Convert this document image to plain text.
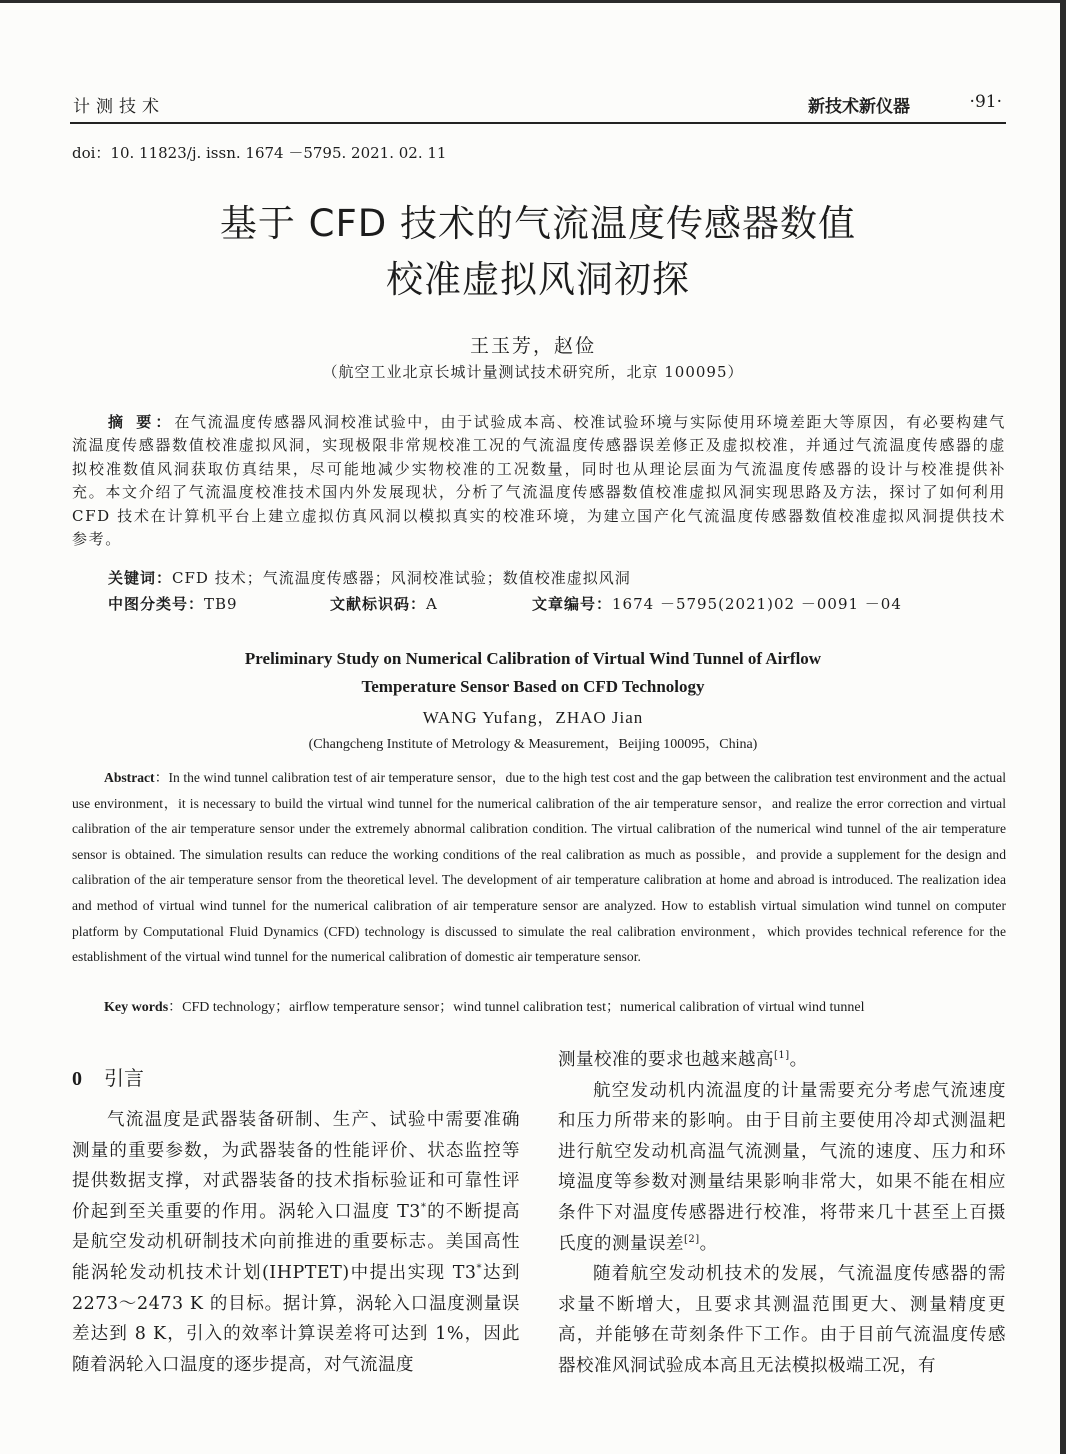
计测技术	新技术新仪器	·91·
doi：10. 11823/j. issn. 1674 －5795. 2021. 02. 11
基于 CFD 技术的气流温度传感器数值
校准虚拟风洞初探
王玉芳，赵俭
（航空工业北京长城计量测试技术研究所，北京 100095）
摘 要：在气流温度传感器风洞校准试验中，由于试验成本高、校准试验环境与实际使用环境差距大等原因，有必要构建气流温度传感器数值校准虚拟风洞，实现极限非常规校准工况的气流温度传感器误差修正及虚拟校准，并通过气流温度传感器的虚拟校准数值风洞获取仿真结果，尽可能地减少实物校准的工况数量，同时也从理论层面为气流温度传感器的设计与校准提供补充。本文介绍了气流温度校准技术国内外发展现状，分析了气流温度传感器数值校准虚拟风洞实现思路及方法，探讨了如何利用 CFD 技术在计算机平台上建立虚拟仿真风洞以模拟真实的校准环境，为建立国产化气流温度传感器数值校准虚拟风洞提供技术参考。
关键词：CFD 技术；气流温度传感器；风洞校准试验；数值校准虚拟风洞
中图分类号：TB9	文献标识码：A	文章编号：1674 －5795(2021)02 －0091 －04
Preliminary Study on Numerical Calibration of Virtual Wind Tunnel of Airflow
Temperature Sensor Based on CFD Technology
WANG Yufang，ZHAO Jian
(Changcheng Institute of Metrology & Measurement，Beijing 100095，China)
Abstract：In the wind tunnel calibration test of air temperature sensor，due to the high test cost and the gap between the calibration test environment and the actual use environment，it is necessary to build the virtual wind tunnel for the numerical calibration of the air temperature sensor，and realize the error correction and virtual calibration of the air temperature sensor under the extremely abnormal calibration condition. The virtual calibration of the numerical wind tunnel of the air temperature sensor is obtained. The simulation results can reduce the working conditions of the real calibration as much as possible，and provide a supplement for the design and calibration of the air temperature sensor from the theoretical level. The development of air temperature calibration at home and abroad is introduced. The realization idea and method of virtual wind tunnel for the numerical calibration of air temperature sensor are analyzed. How to establish virtual simulation wind tunnel on computer platform by Computational Fluid Dynamics (CFD) technology is discussed to simulate the real calibration environment，which provides technical reference for the establishment of the virtual wind tunnel for the numerical calibration of domestic air temperature sensor.
Key words：CFD technology；airflow temperature sensor；wind tunnel calibration test；numerical calibration of virtual wind tunnel
0 引言

气流温度是武器装备研制、生产、试验中需要准确测量的重要参数，为武器装备的性能评价、状态监控等提供数据支撑，对武器装备的技术指标验证和可靠性评价起到至关重要的作用。涡轮入口温度 T3*的不断提高是航空发动机研制技术向前推进的重要标志。美国高性能涡轮发动机技术计划(IHPTET)中提出实现 T3*达到 2273～2473 K 的目标。据计算，涡轮入口温度测量误差达到 8 K，引入的效率计算误差将可达到 1%，因此随着涡轮入口温度的逐步提高，对气流温度

测量校准的要求也越来越高[1]。

航空发动机内流温度的计量需要充分考虑气流速度和压力所带来的影响。由于目前主要使用冷却式测温耙进行航空发动机高温气流测量，气流的速度、压力和环境温度等参数对测量结果影响非常大，如果不能在相应条件下对温度传感器进行校准，将带来几十甚至上百摄氏度的测量误差[2]。

随着航空发动机技术的发展，气流温度传感器的需求量不断增大，且要求其测温范围更大、测量精度更高，并能够在苛刻条件下工作。由于目前气流温度传感器校准风洞试验成本高且无法模拟极端工况，有
